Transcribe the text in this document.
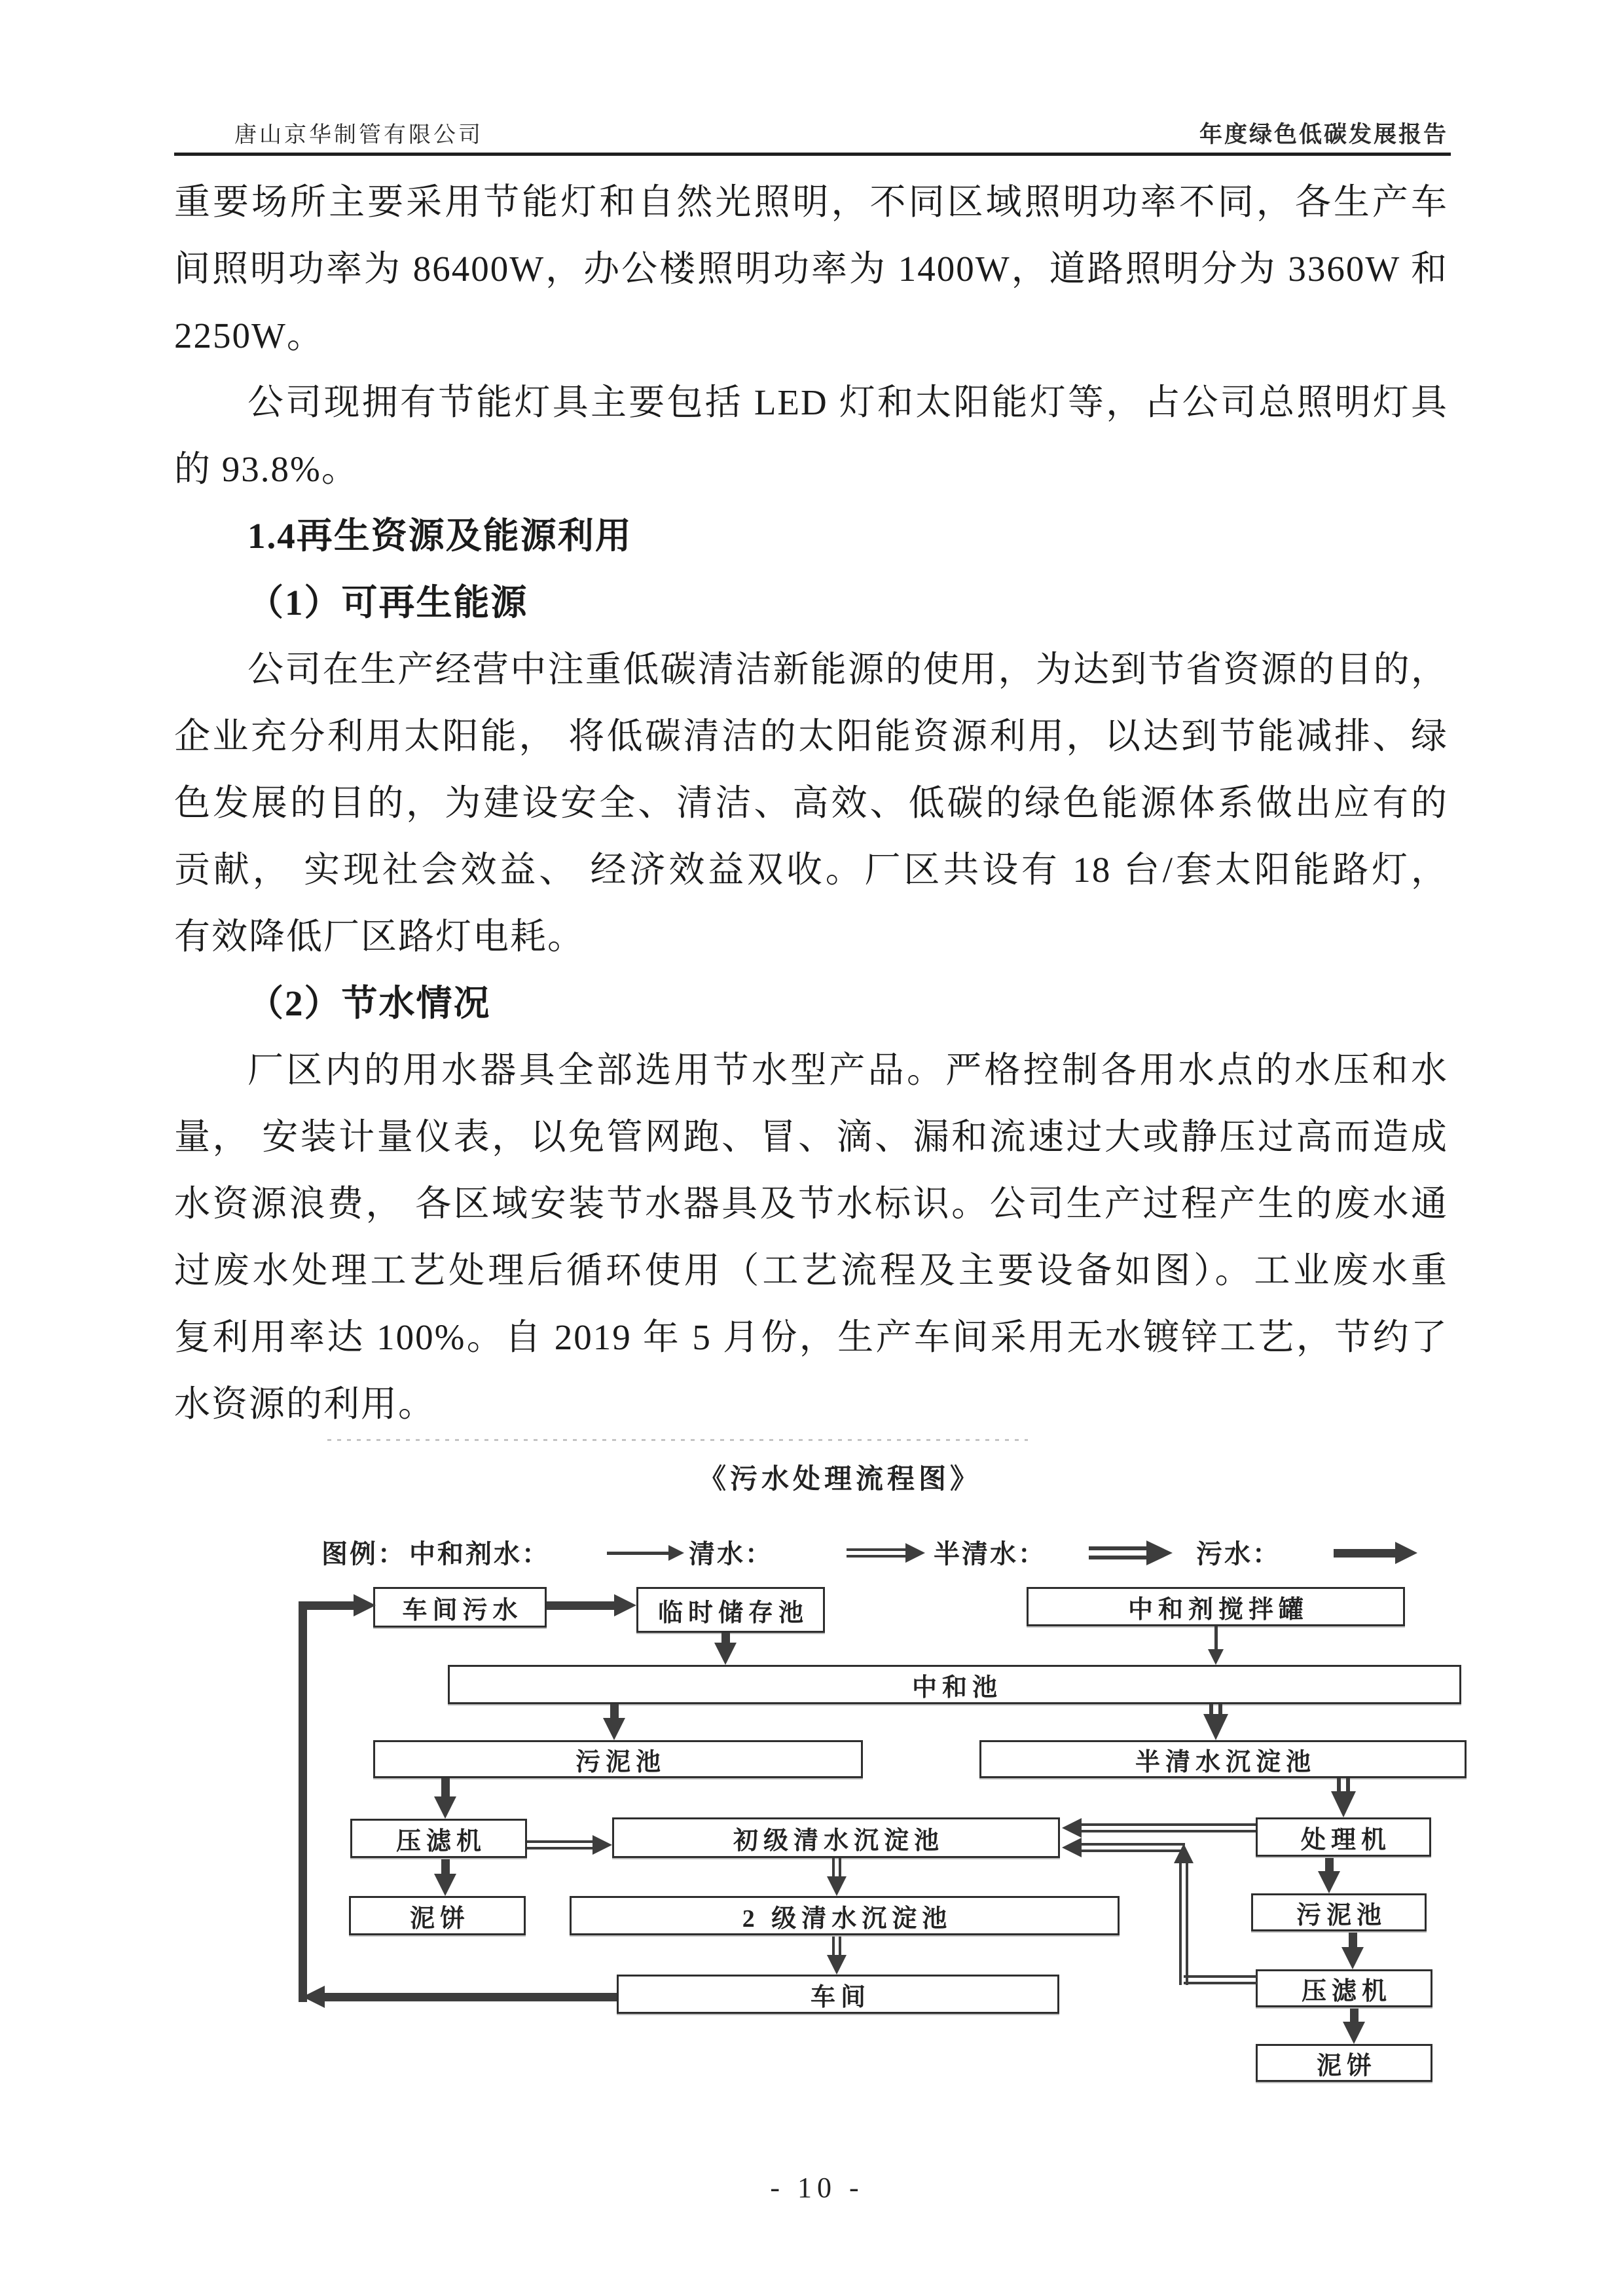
唐山京华制管有限公司	年度绿色低碳发展报告
重要场所主要采用节能灯和自然光照明，不同区域照明功率不同，各生产车
间照明功率为 86400W，办公楼照明功率为 1400W，道路照明分为 3360W 和
2250W。
公司现拥有节能灯具主要包括 LED 灯和太阳能灯等，占公司总照明灯具
的 93.8%。
1.4再生资源及能源利用
（1）可再生能源
公司在生产经营中注重低碳清洁新能源的使用，为达到节省资源的目的，
企业充分利用太阳能， 将低碳清洁的太阳能资源利用，以达到节能减排、绿
色发展的目的，为建设安全、清洁、高效、低碳的绿色能源体系做出应有的
贡献， 实现社会效益、 经济效益双收。厂区共设有 18 台/套太阳能路灯，
有效降低厂区路灯电耗。
（2）节水情况
厂区内的用水器具全部选用节水型产品。严格控制各用水点的水压和水
量， 安装计量仪表，以免管网跑、冒、滴、漏和流速过大或静压过高而造成
水资源浪费， 各区域安装节水器具及节水标识。公司生产过程产生的废水通
过废水处理工艺处理后循环使用（工艺流程及主要设备如图）。工业废水重
复利用率达 100%。自 2019 年 5 月份，生产车间采用无水镀锌工艺，节约了
水资源的利用。
《污水处理流程图》
图例：
车间污水	临时储存池	中和剂搅拌罐
中和池
污泥池	半清水沉淀池
压滤机	初级清水沉淀池	处理机
泥饼	2 级清水沉淀池	污泥池
车间	压滤机
泥饼
中和剂水：	清水：	半清水：	污水：
- 10 -
